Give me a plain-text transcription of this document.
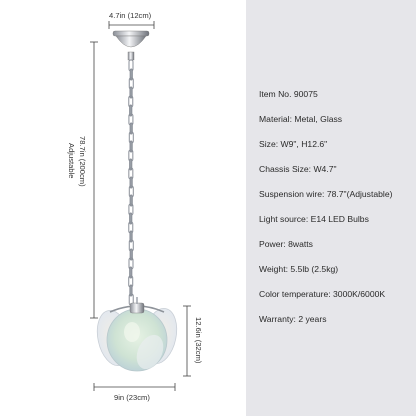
4.7in (12cm)
78.7in (200cm)
Adjustable
12.6in (32cm)
9in (23cm)
Item No. 90075
Material: Metal, Glass
Size: W9", H12.6"
Chassis Size: W4.7"
Suspension wire: 78.7"(Adjustable)
Light source: E14 LED Bulbs
Power: 8watts
Weight: 5.5lb (2.5kg)
Color temperature: 3000K/6000K
Warranty: 2 years
